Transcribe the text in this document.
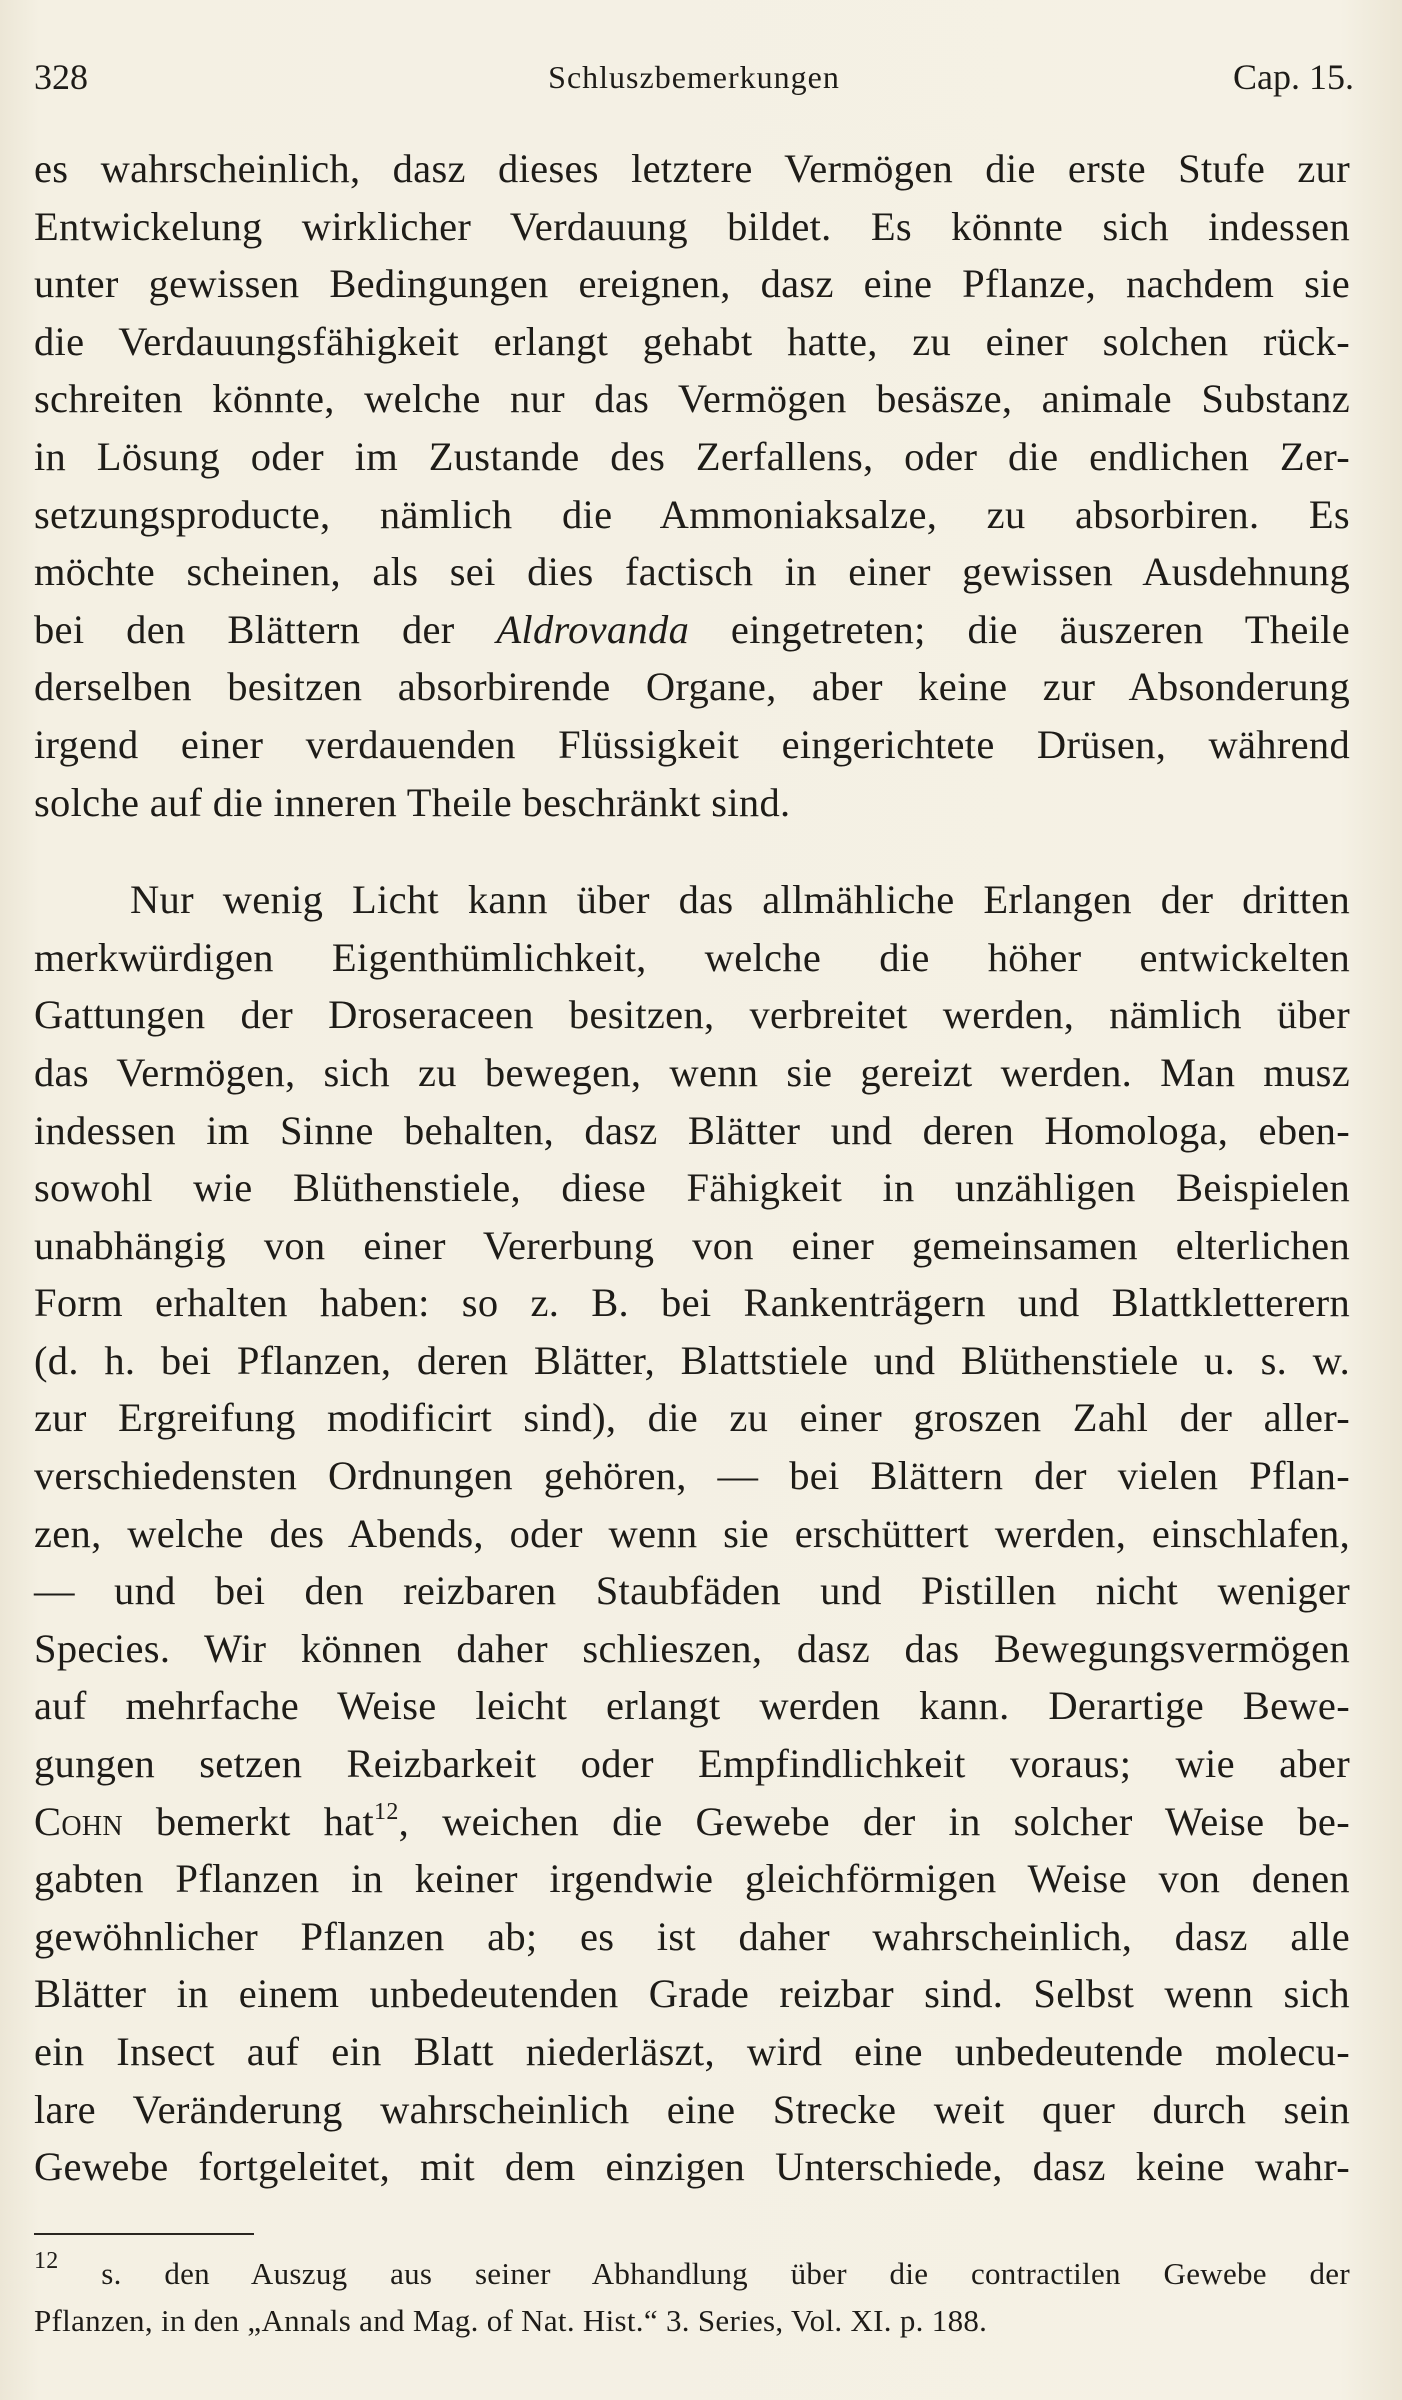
328	Schluszbemerkungen	Cap. 15.

es wahrscheinlich, dasz dieses letztere Vermögen die erste Stufe zur
Entwickelung wirklicher Verdauung bildet. Es könnte sich indessen
unter gewissen Bedingungen ereignen, dasz eine Pflanze, nachdem sie
die Verdauungsfähigkeit erlangt gehabt hatte, zu einer solchen rück-
schreiten könnte, welche nur das Vermögen besäsze, animale Substanz
in Lösung oder im Zustande des Zerfallens, oder die endlichen Zer-
setzungsproducte, nämlich die Ammoniaksalze, zu absorbiren. Es
möchte scheinen, als sei dies factisch in einer gewissen Ausdehnung
bei den Blättern der Aldrovanda eingetreten; die äuszeren Theile
derselben besitzen absorbirende Organe, aber keine zur Absonderung
irgend einer verdauenden Flüssigkeit eingerichtete Drüsen, während
solche auf die inneren Theile beschränkt sind.

Nur wenig Licht kann über das allmähliche Erlangen der dritten
merkwürdigen Eigenthümlichkeit, welche die höher entwickelten
Gattungen der Droseraceen besitzen, verbreitet werden, nämlich über
das Vermögen, sich zu bewegen, wenn sie gereizt werden. Man musz
indessen im Sinne behalten, dasz Blätter und deren Homologa, eben-
sowohl wie Blüthenstiele, diese Fähigkeit in unzähligen Beispielen
unabhängig von einer Vererbung von einer gemeinsamen elterlichen
Form erhalten haben: so z. B. bei Rankenträgern und Blattkletterern
(d. h. bei Pflanzen, deren Blätter, Blattstiele und Blüthenstiele u. s. w.
zur Ergreifung modificirt sind), die zu einer groszen Zahl der aller-
verschiedensten Ordnungen gehören, — bei Blättern der vielen Pflan-
zen, welche des Abends, oder wenn sie erschüttert werden, einschlafen,
— und bei den reizbaren Staubfäden und Pistillen nicht weniger
Species. Wir können daher schlieszen, dasz das Bewegungsvermögen
auf mehrfache Weise leicht erlangt werden kann. Derartige Bewe-
gungen setzen Reizbarkeit oder Empfindlichkeit voraus; wie aber
Cohn bemerkt hat$^{12}$, weichen die Gewebe der in solcher Weise be-
gabten Pflanzen in keiner irgendwie gleichförmigen Weise von denen
gewöhnlicher Pflanzen ab; es ist daher wahrscheinlich, dasz alle
Blätter in einem unbedeutenden Grade reizbar sind. Selbst wenn sich
ein Insect auf ein Blatt niederläszt, wird eine unbedeutende molecu-
lare Veränderung wahrscheinlich eine Strecke weit quer durch sein
Gewebe fortgeleitet, mit dem einzigen Unterschiede, dasz keine wahr-

$^{12}$ s. den Auszug aus seiner Abhandlung über die contractilen Gewebe der
Pflanzen, in den „Annals and Mag. of Nat. Hist.“ 3. Series, Vol. XI. p. 188.
